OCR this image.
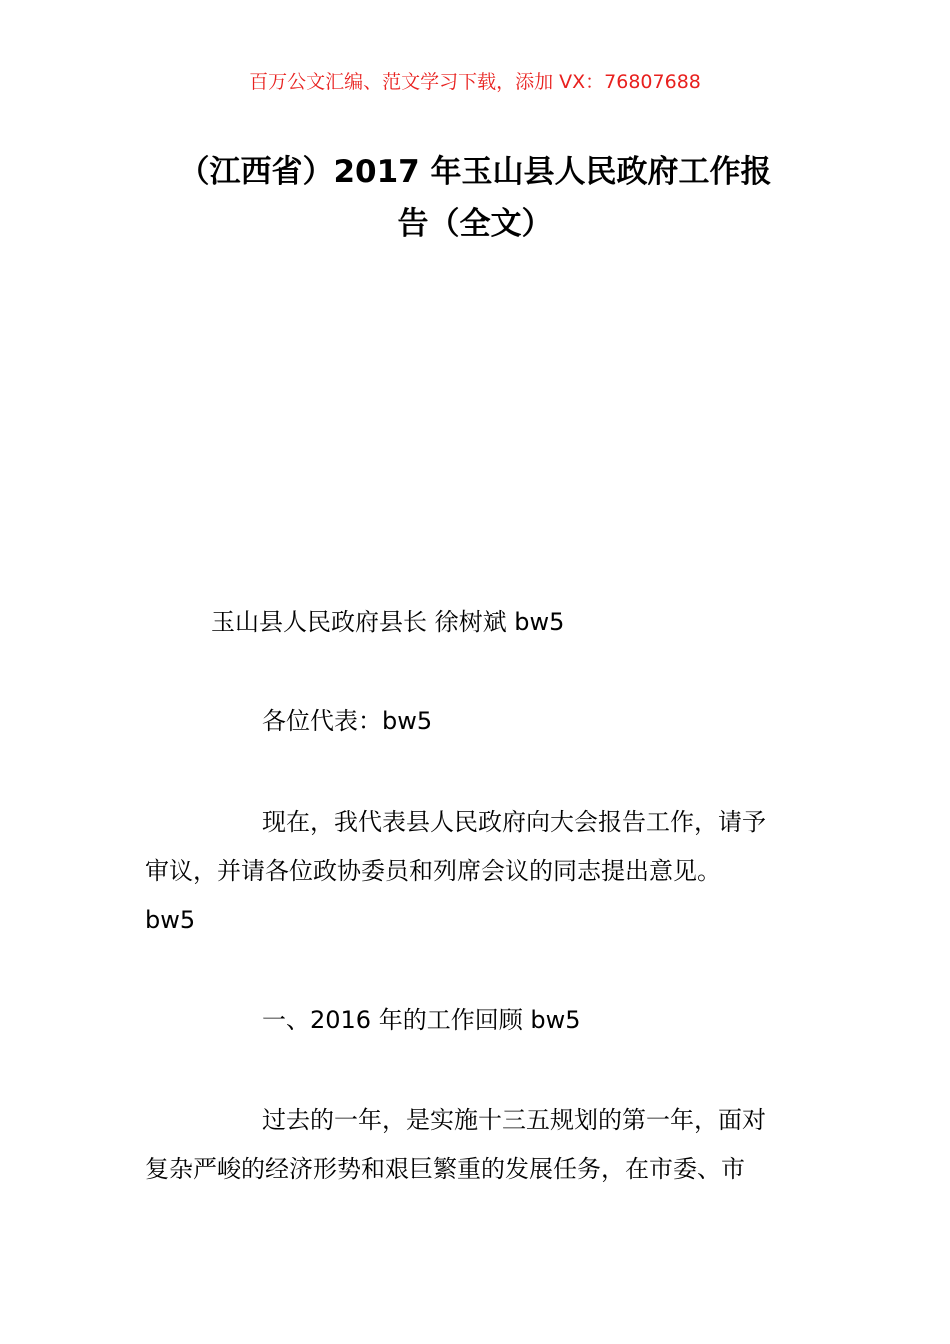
百万公文汇编、范文学习下载，添加 VX：76807688
（江西省）2017 年玉山县人民政府工作报
告（全文）

玉山县人民政府县长 徐树斌 bw5

各位代表：bw5

现在，我代表县人民政府向大会报告工作，请予
审议，并请各位政协委员和列席会议的同志提出意见。
bw5

一、2016 年的工作回顾 bw5

过去的一年，是实施十三五规划的第一年，面对
复杂严峻的经济形势和艰巨繁重的发展任务，在市委、市
